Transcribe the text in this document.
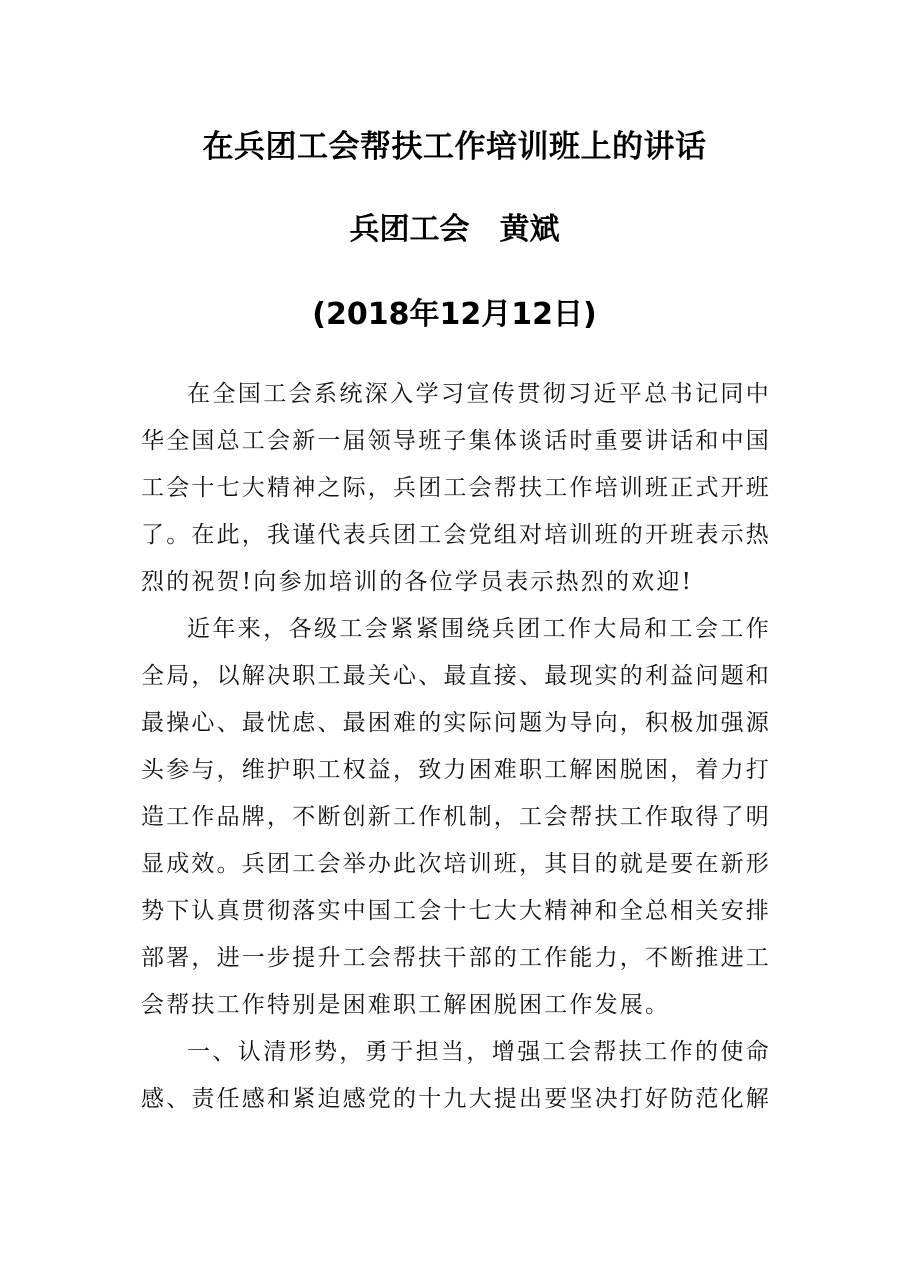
在兵团工会帮扶工作培训班上的讲话
兵团工会　黄斌
(2018年12月12日)

在全国工会系统深入学习宣传贯彻习近平总书记同中华全国总工会新一届领导班子集体谈话时重要讲话和中国工会十七大精神之际，兵团工会帮扶工作培训班正式开班了。在此，我谨代表兵团工会党组对培训班的开班表示热烈的祝贺!向参加培训的各位学员表示热烈的欢迎!

近年来，各级工会紧紧围绕兵团工作大局和工会工作全局，以解决职工最关心、最直接、最现实的利益问题和最操心、最忧虑、最困难的实际问题为导向，积极加强源头参与，维护职工权益，致力困难职工解困脱困，着力打造工作品牌，不断创新工作机制，工会帮扶工作取得了明显成效。兵团工会举办此次培训班，其目的就是要在新形势下认真贯彻落实中国工会十七大大精神和全总相关安排部署，进一步提升工会帮扶干部的工作能力，不断推进工会帮扶工作特别是困难职工解困脱困工作发展。

一、认清形势，勇于担当，增强工会帮扶工作的使命感、责任感和紧迫感党的十九大提出要坚决打好防范化解
